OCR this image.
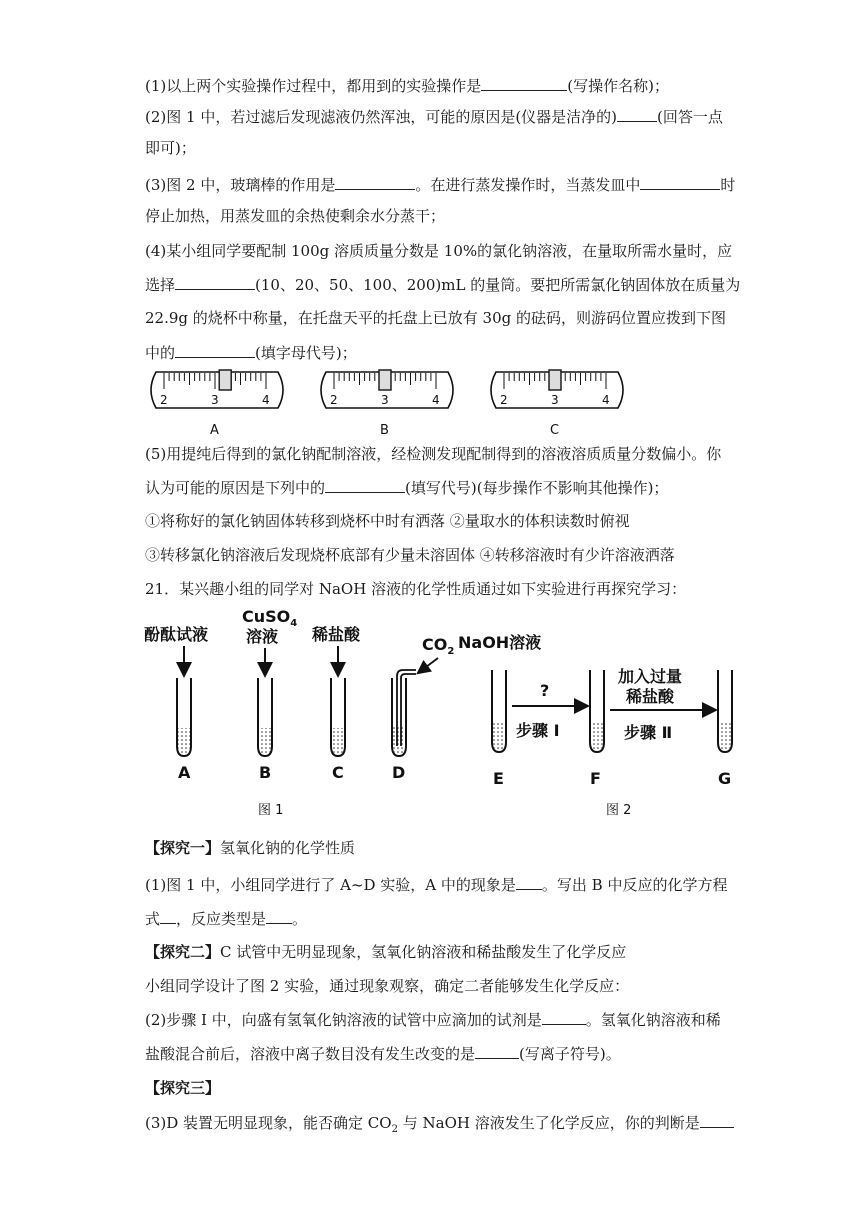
(1)以上两个实验操作过程中，都用到的实验操作是	(写操作名称)；
(2)图 1 中，若过滤后发现滤液仍然浑浊，可能的原因是(仪器是洁净的)	(回答一点
即可)；
(3)图 2 中，玻璃棒的作用是	。在进行蒸发操作时，当蒸发皿中	时
停止加热，用蒸发皿的余热使剩余水分蒸干；
(4)某小组同学要配制 100g 溶质质量分数是 10%的氯化钠溶液，在量取所需水量时，应
选择	(10、20、50、100、200)mL 的量筒。要把所需氯化钠固体放在质量为
22.9g 的烧杯中称量，在托盘天平的托盘上已放有 30g 的砝码，则游码位置应拨到下图
中的	(填字母代号)；
2	3	4
A
2	3	4
B
2	3	4
C
(5)用提纯后得到的氯化钠配制溶液，经检测发现配制得到的溶液溶质质量分数偏小。你
认为可能的原因是下列中的	(填写代号)(每步操作不影响其他操作)；
①将称好的氯化钠固体转移到烧杯中时有洒落 ②量取水的体积读数时俯视
③转移氯化钠溶液后发现烧杯底部有少量未溶固体 ④转移溶液时有少许溶液洒落
21．某兴趣小组的同学对 NaOH 溶液的化学性质通过如下实验进行再探究学习：
酚酞试液
A
CuSO$_4$
溶液
B
稀盐酸
C	D
图 1
$CO_2$ NaOH溶液
E
?
步骤 Ⅰ
F
加入过量
稀盐酸
步骤 Ⅱ
G
图 2
【探究一】氢氧化钠的化学性质
(1)图 1 中，小组同学进行了 A~D 实验，A 中的现象是 。写出 B 中反应的化学方程
式 ，反应类型是 。
【探究二】C 试管中无明显现象，氢氧化钠溶液和稀盐酸发生了化学反应
小组同学设计了图 2 实验，通过现象观察，确定二者能够发生化学反应：
(2)步骤 I 中，向盛有氢氧化钠溶液的试管中应滴加的试剂是	。氢氧化钠溶液和稀
盐酸混合前后，溶液中离子数目没有发生改变的是	(写离子符号)。
【探究三】
(3)D 装置无明显现象，能否确定 $CO_2$ 与 NaOH 溶液发生了化学反应，你的判断是
